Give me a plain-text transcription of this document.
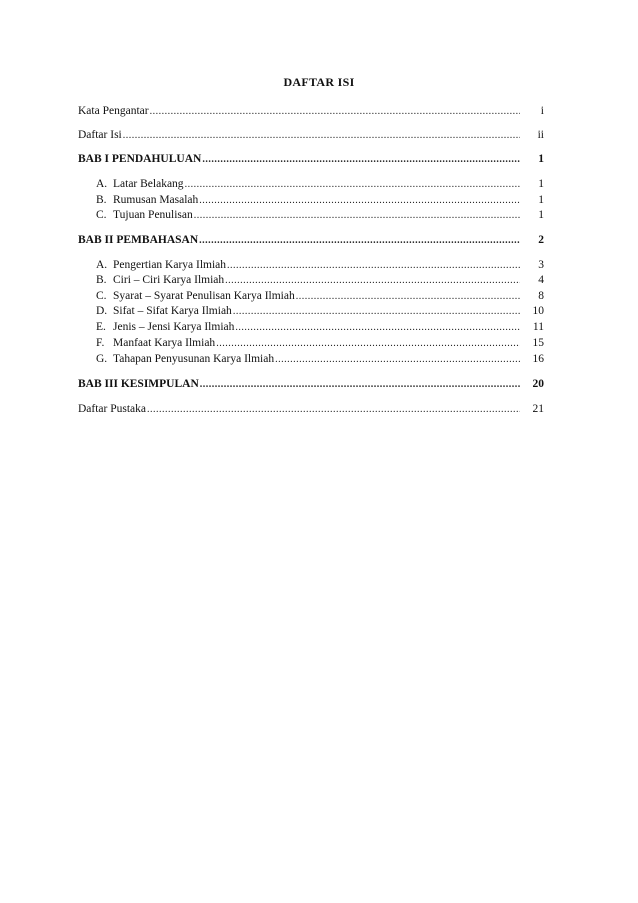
DAFTAR ISI
Kata Pengantar .....	i
Daftar Isi .....	ii
BAB I PENDAHULUAN .....	1
A. Latar Belakang .....	1
B. Rumusan Masalah .....	1
C. Tujuan Penulisan .....	1
BAB II PEMBAHASAN .....	2
A. Pengertian Karya Ilmiah .....	3
B. Ciri – Ciri Karya Ilmiah .....	4
C. Syarat – Syarat Penulisan Karya Ilmiah .....	8
D. Sifat – Sifat Karya Ilmiah .....	10
E. Jenis – Jensi Karya Ilmiah .....	11
F. Manfaat Karya Ilmiah .....	15
G. Tahapan Penyusunan Karya Ilmiah .....	16
BAB III KESIMPULAN .....	20
Daftar Pustaka .....	21
